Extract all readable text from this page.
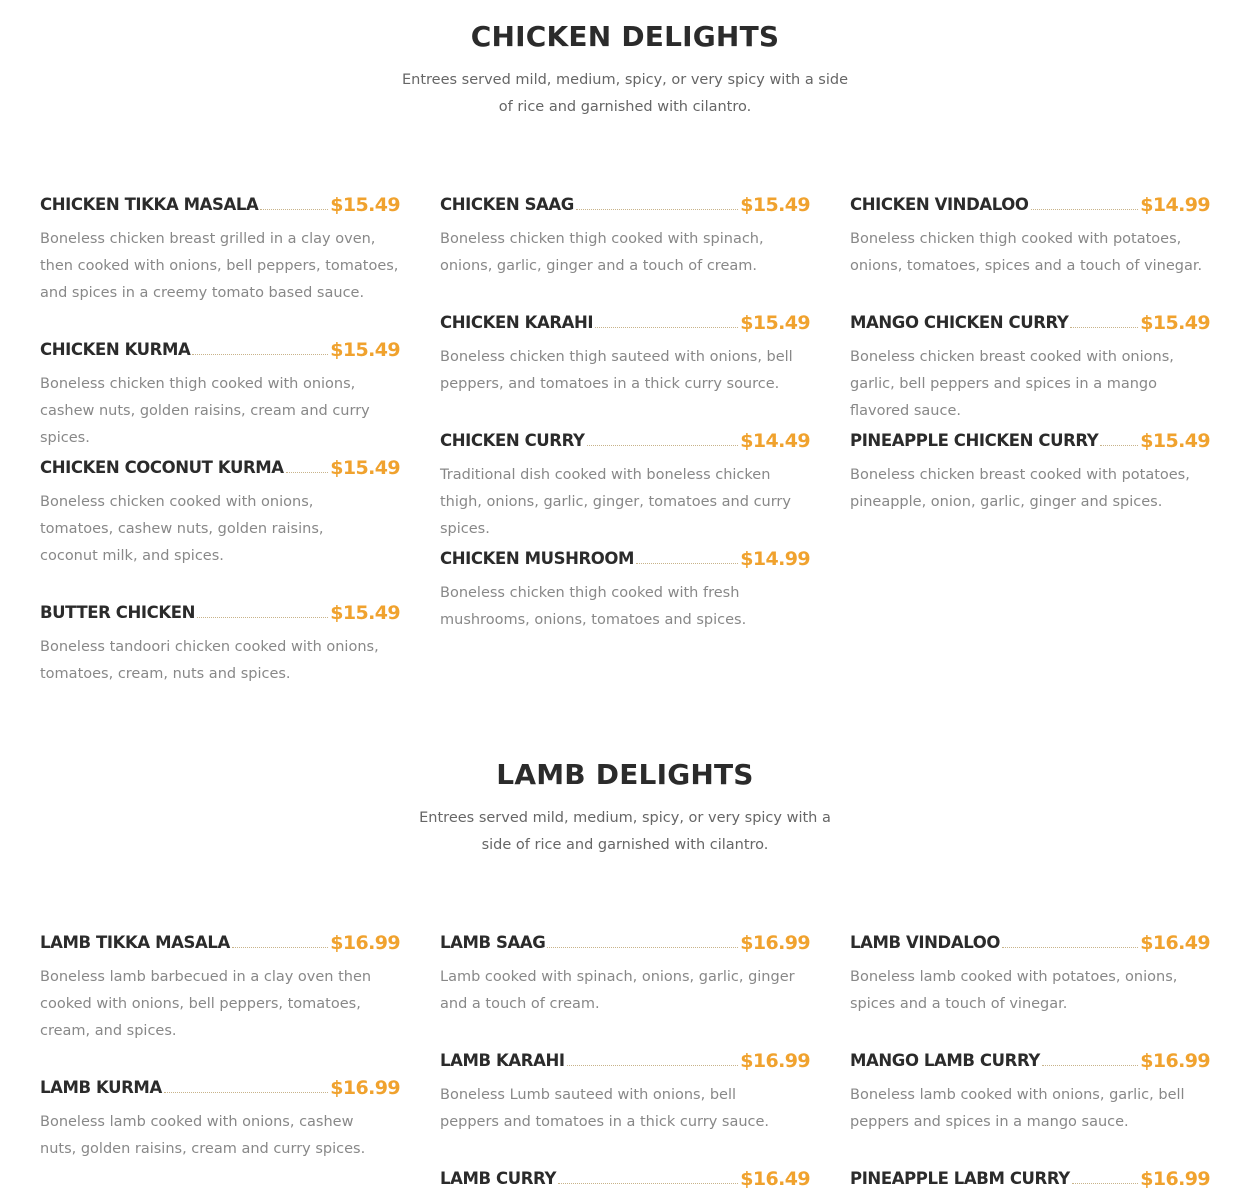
CHICKEN DELIGHTS

Entrees served mild, medium, spicy, or very spicy with a side
of rice and garnished with cilantro.

CHICKEN TIKKA MASALA	$15.49
Boneless chicken breast grilled in a clay oven, then cooked with onions, bell peppers, tomatoes, and spices in a creemy tomato based sauce.
CHICKEN KURMA	$15.49
Boneless chicken thigh cooked with onions, cashew nuts, golden raisins, cream and curry spices.
CHICKEN COCONUT KURMA $15.49
Boneless chicken cooked with onions, tomatoes, cashew nuts, golden raisins, coconut milk, and spices.
BUTTER CHICKEN	$15.49
Boneless tandoori chicken cooked with onions, tomatoes, cream, nuts and spices.
CHICKEN SAAG	$15.49
Boneless chicken thigh cooked with spinach, onions, garlic, ginger and a touch of cream.
CHICKEN KARAHI	$15.49
Boneless chicken thigh sauteed with onions, bell peppers, and tomatoes in a thick curry source.
CHICKEN CURRY	$14.49
Traditional dish cooked with boneless chicken thigh, onions, garlic, ginger, tomatoes and curry spices.
CHICKEN MUSHROOM	$14.99
Boneless chicken thigh cooked with fresh mushrooms, onions, tomatoes and spices.
CHICKEN VINDALOO	$14.99
Boneless chicken thigh cooked with potatoes, onions, tomatoes, spices and a touch of vinegar.
MANGO CHICKEN CURRY	$15.49
Boneless chicken breast cooked with onions, garlic, bell peppers and spices in a mango flavored sauce.
PINEAPPLE CHICKEN CURRY $15.49
Boneless chicken breast cooked with potatoes, pineapple, onion, garlic, ginger and spices.
LAMB DELIGHTS

Entrees served mild, medium, spicy, or very spicy with a
side of rice and garnished with cilantro.

LAMB TIKKA MASALA	$16.99
Boneless lamb barbecued in a clay oven then cooked with onions, bell peppers, tomatoes, cream, and spices.
LAMB KURMA	$16.99
Boneless lamb cooked with onions, cashew nuts, golden raisins, cream and curry spices.
LAMB SAAG	$16.99
Lamb cooked with spinach, onions, garlic, ginger and a touch of cream.
LAMB KARAHI	$16.99
Boneless Lumb sauteed with onions, bell peppers and tomatoes in a thick curry sauce.
LAMB CURRY	$16.49
LAMB VINDALOO	$16.49
Boneless lamb cooked with potatoes, onions, spices and a touch of vinegar.
MANGO LAMB CURRY	$16.99
Boneless lamb cooked with onions, garlic, bell peppers and spices in a mango sauce.
PINEAPPLE LABM CURRY	$16.99
